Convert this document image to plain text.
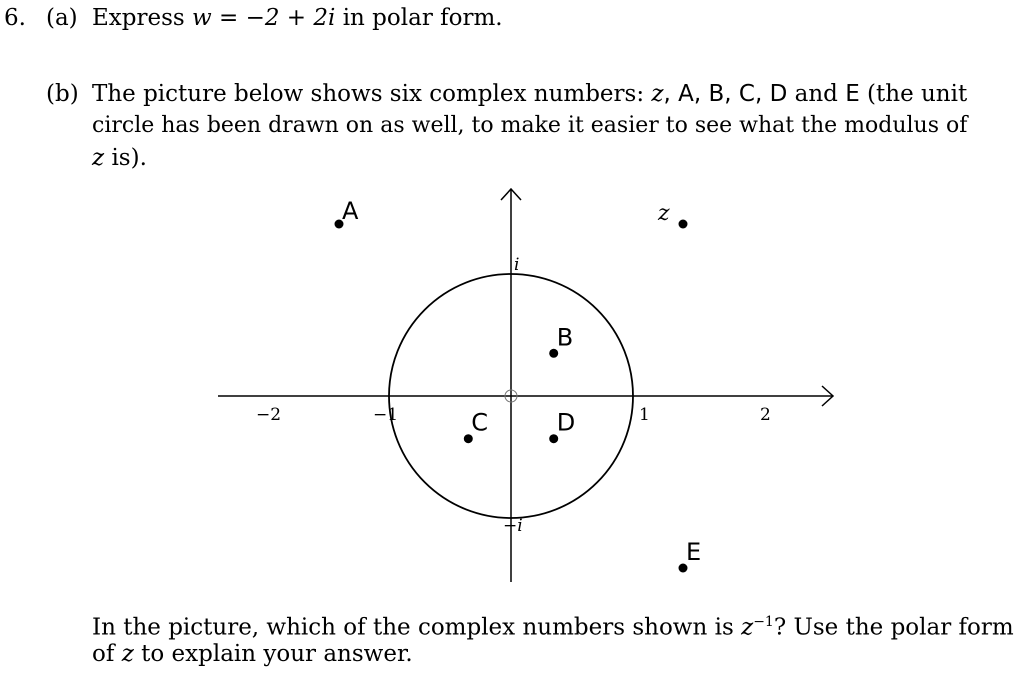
6. (a) Express w = −2 + 2i in polar form.
(b) The picture below shows six complex numbers: z, A, B, C, D and E (the unit
circle has been drawn on as well, to make it easier to see what the modulus of
z is).
−2	−1	1	2
i
−i
z
A
B
C	D
E
In the picture, which of the complex numbers shown is $z^{-1}$? Use the polar form
of z to explain your answer.
